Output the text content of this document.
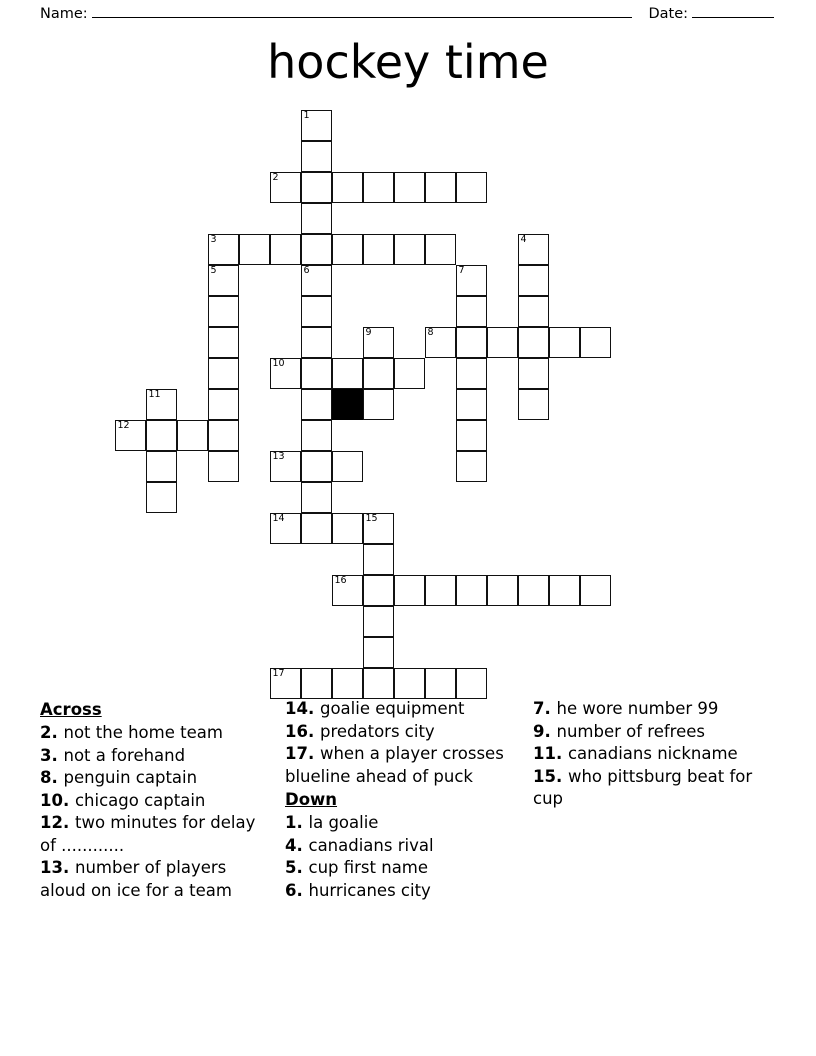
Name:	Date:
hockey time
1
2
3	4
5	6	7
9	8
10
11
12
13
14	15
16
17
Across

2. not the home team

3. not a forehand

8. penguin captain

10. chicago captain

12. two minutes for delay of ............

13. number of players aloud on ice for a team

14. goalie equipment

16. predators city

17. when a player crosses blueline ahead of puck

Down

1. la goalie

4. canadians rival

5. cup first name

6. hurricanes city

7. he wore number 99

9. number of refrees

11. canadians nickname

15. who pittsburg beat for cup
